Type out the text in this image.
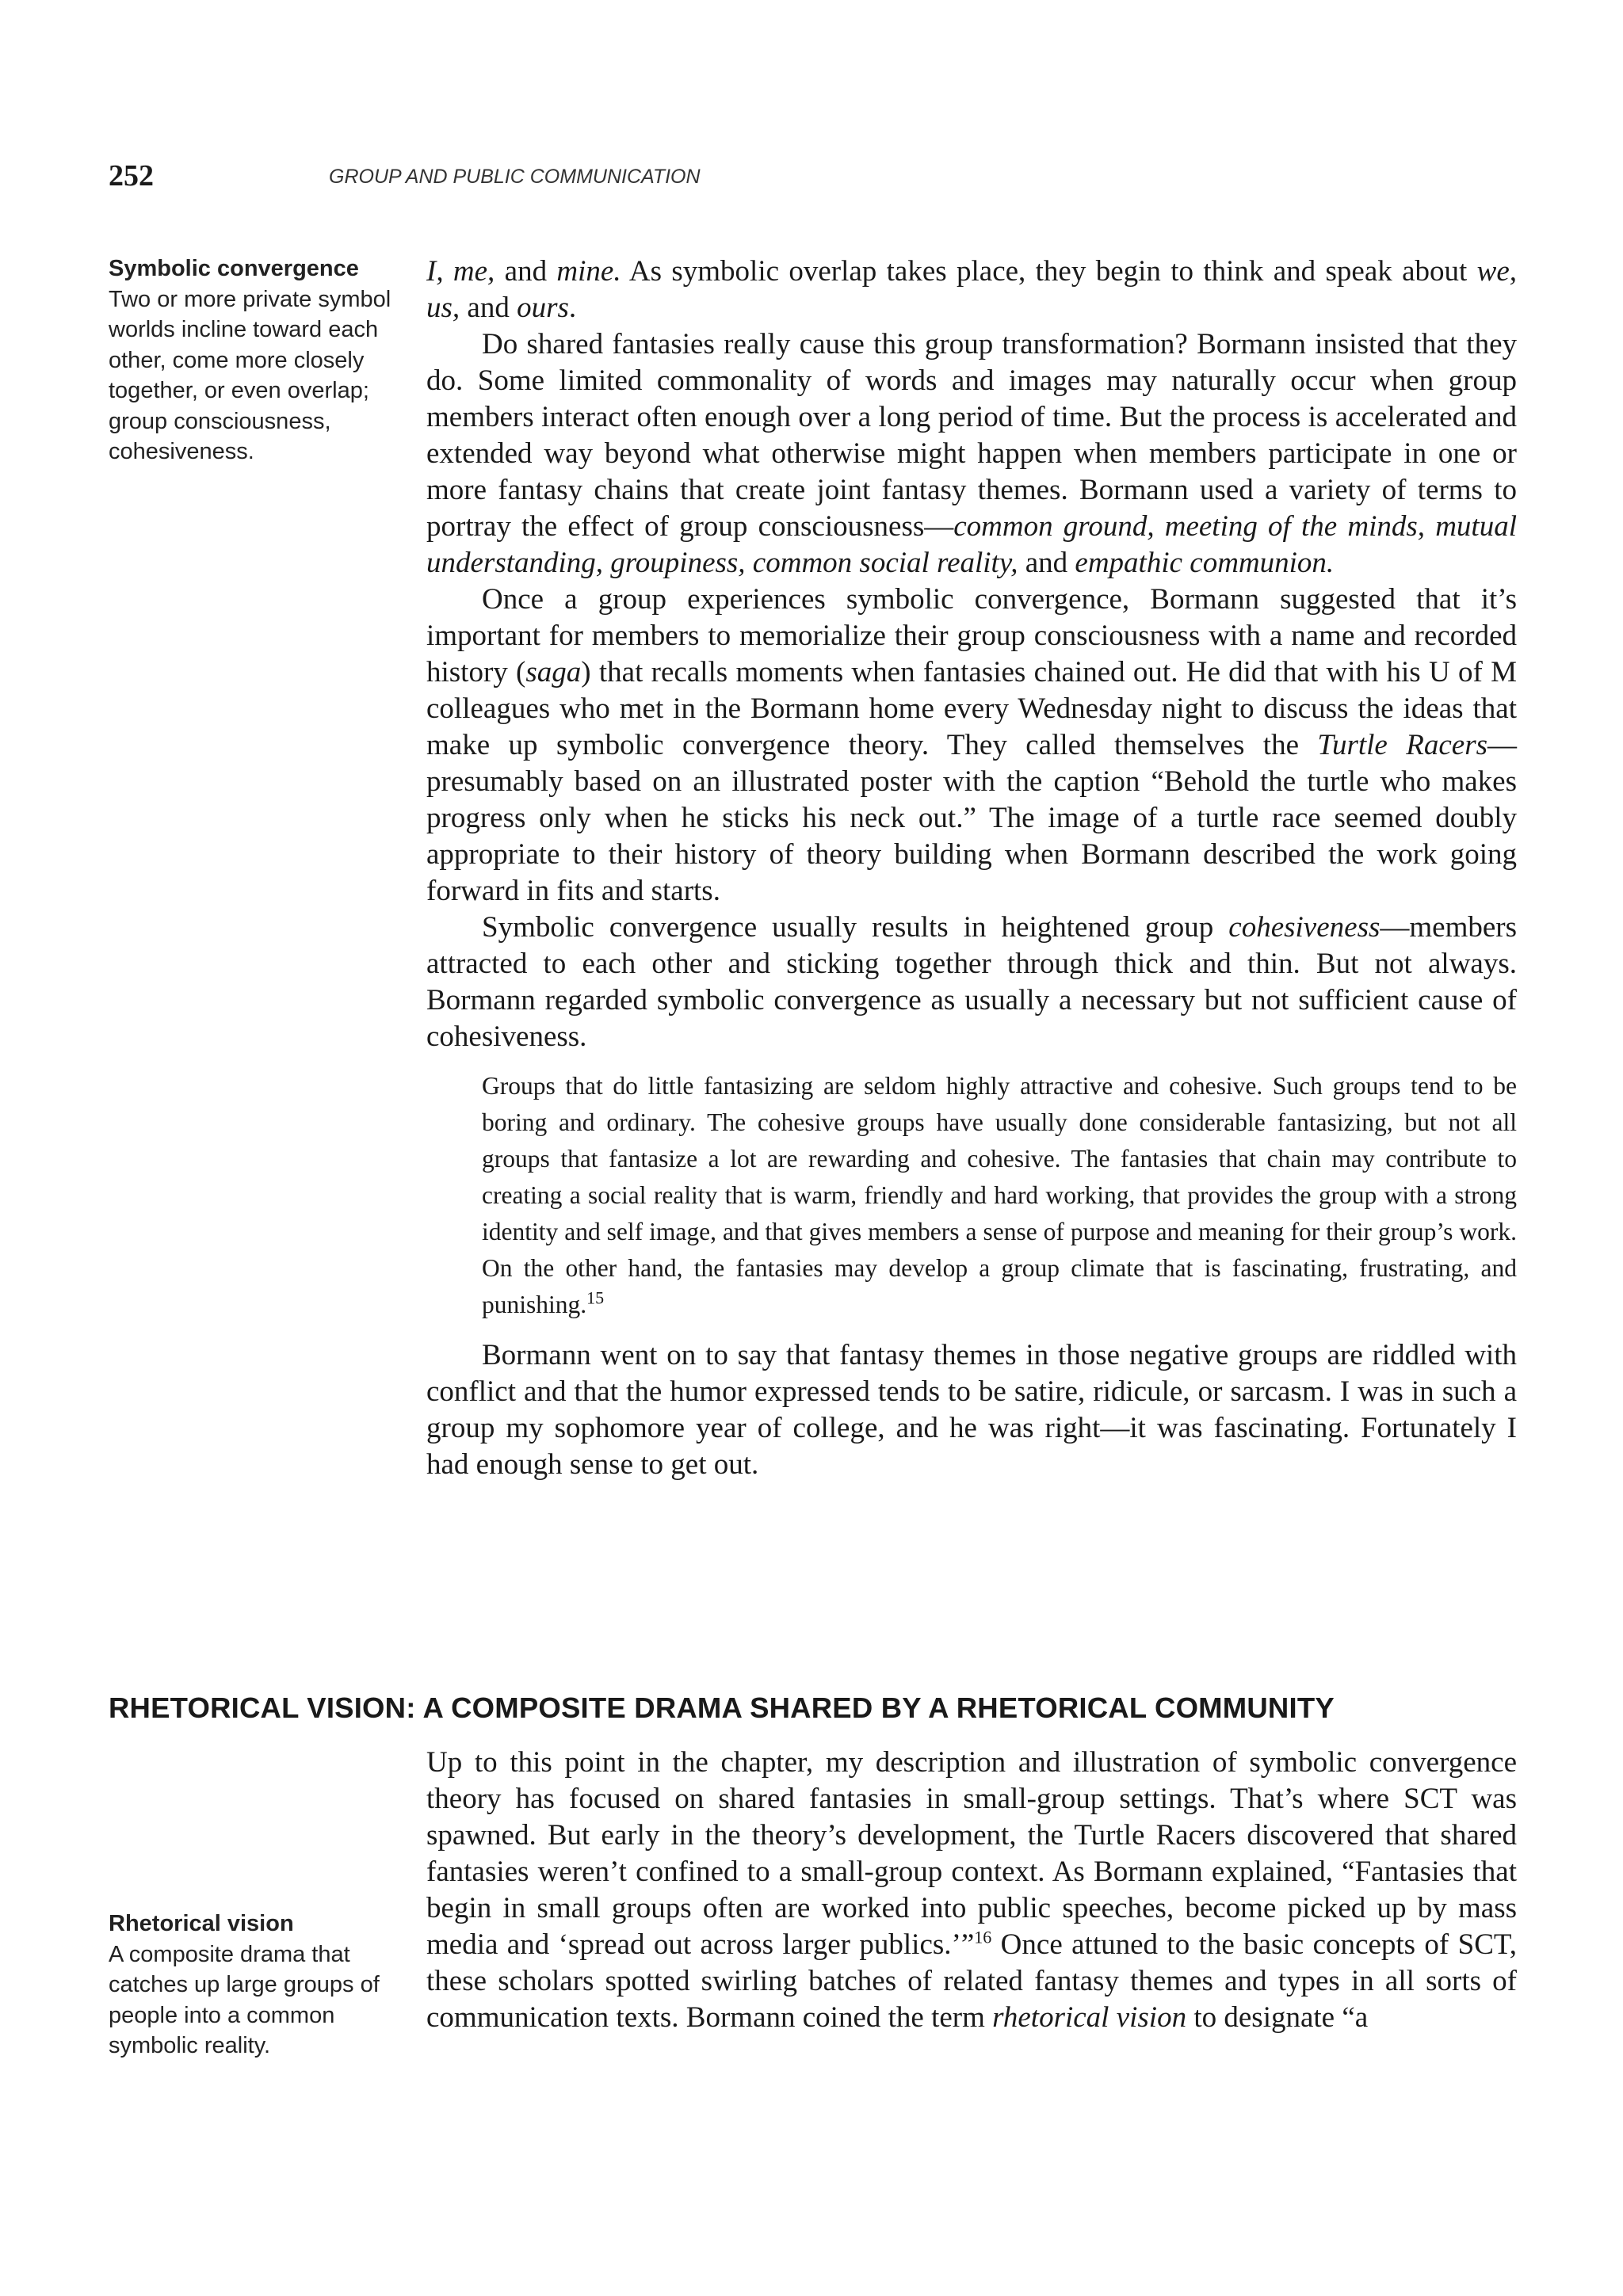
252	GROUP AND PUBLIC COMMUNICATION
Symbolic convergence
Two or more private symbol worlds incline toward each other, come more closely together, or even overlap; group consciousness, cohesiveness.

I, me, and mine. As symbolic overlap takes place, they begin to think and speak about we, us, and ours.

Do shared fantasies really cause this group transformation? Bormann insisted that they do. Some limited commonality of words and images may naturally occur when group members interact often enough over a long period of time. But the process is accelerated and extended way beyond what otherwise might happen when members participate in one or more fantasy chains that create joint fantasy themes. Bormann used a variety of terms to portray the effect of group consciousness—common ground, meeting of the minds, mutual understanding, groupiness, common social reality, and empathic communion.

Once a group experiences symbolic convergence, Bormann suggested that it’s important for members to memorialize their group consciousness with a name and recorded history (saga) that recalls moments when fantasies chained out. He did that with his U of M colleagues who met in the Bormann home every Wednesday night to discuss the ideas that make up symbolic convergence theory. They called themselves the Turtle Racers—presumably based on an illustrated poster with the caption “Behold the turtle who makes progress only when he sticks his neck out.” The image of a turtle race seemed doubly appropriate to their history of theory building when Bormann described the work going forward in fits and starts.

Symbolic convergence usually results in heightened group cohesiveness—members attracted to each other and sticking together through thick and thin. But not always. Bormann regarded symbolic convergence as usually a necessary but not sufficient cause of cohesiveness.

Groups that do little fantasizing are seldom highly attractive and cohesive. Such groups tend to be boring and ordinary. The cohesive groups have usually done considerable fantasizing, but not all groups that fantasize a lot are rewarding and cohesive. The fantasies that chain may contribute to creating a social reality that is warm, friendly and hard working, that provides the group with a strong identity and self image, and that gives members a sense of purpose and meaning for their group’s work. On the other hand, the fantasies may develop a group climate that is fascinating, frustrating, and punishing.$^{15}$

Bormann went on to say that fantasy themes in those negative groups are riddled with conflict and that the humor expressed tends to be satire, ridicule, or sarcasm. I was in such a group my sophomore year of college, and he was right—it was fascinating. Fortunately I had enough sense to get out.

RHETORICAL VISION: A COMPOSITE DRAMA SHARED BY A RHETORICAL COMMUNITY
Rhetorical vision
A composite drama that catches up large groups of people into a common symbolic reality.

Up to this point in the chapter, my description and illustration of symbolic convergence theory has focused on shared fantasies in small-group settings. That’s where SCT was spawned. But early in the theory’s development, the Turtle Racers discovered that shared fantasies weren’t confined to a small-group context. As Bormann explained, “Fantasies that begin in small groups often are worked into public speeches, become picked up by mass media and ‘spread out across larger publics.’”$^{16}$ Once attuned to the basic concepts of SCT, these scholars spotted swirling batches of related fantasy themes and types in all sorts of communication texts. Bormann coined the term rhetorical vision to designate “a
